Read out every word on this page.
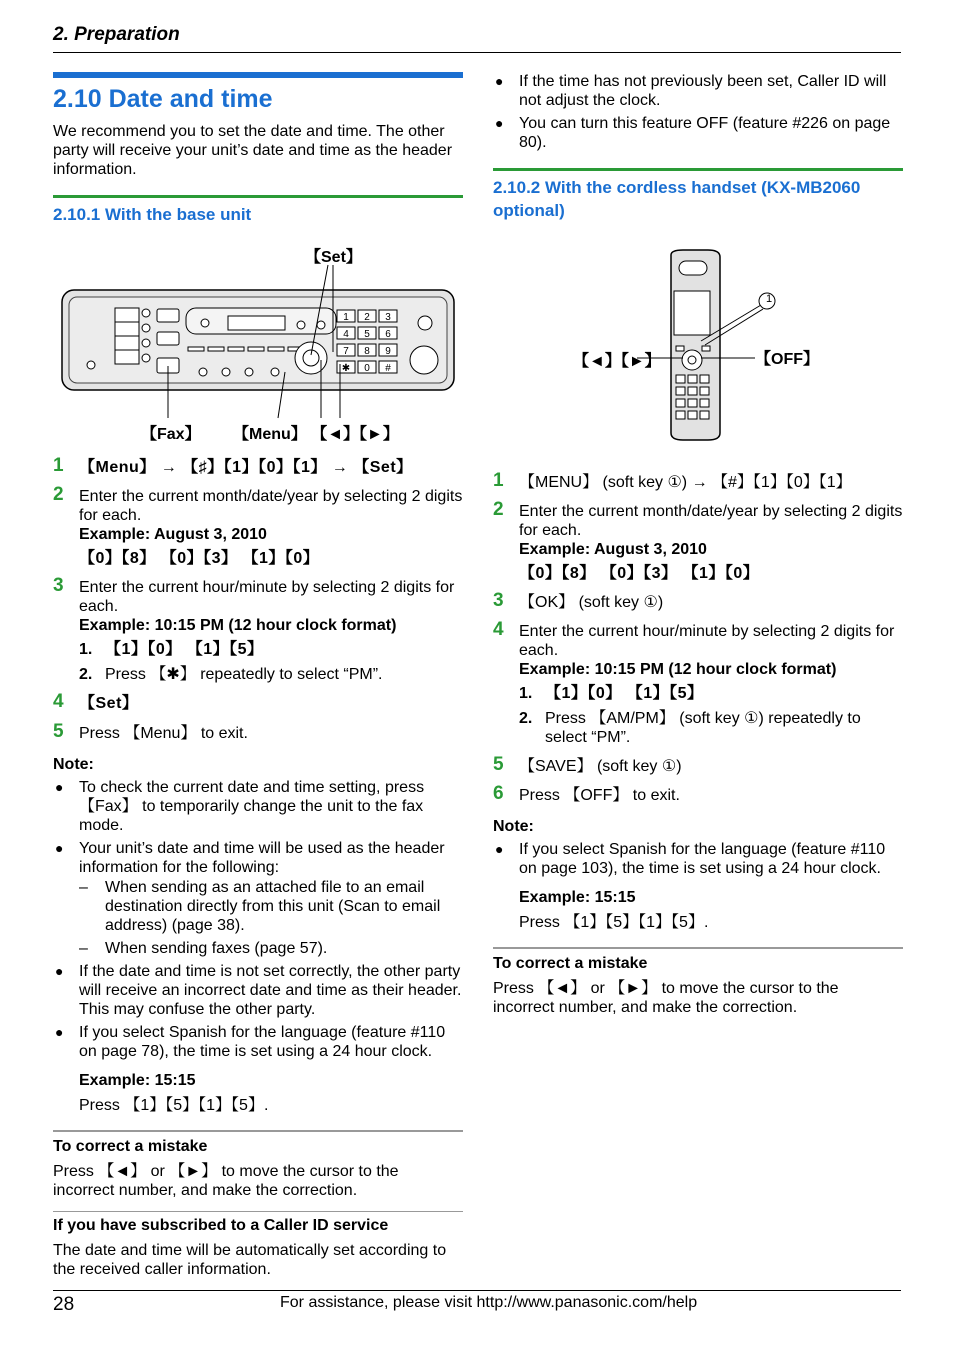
2. Preparation
2.10 Date and time

We recommend you to set the date and time. The other party will receive your unit’s date and time as the header information.

2.10.1 With the base unit
1 2 3
4 5 6
7 8 9
✱ 0 #
【Set】
【Fax】 【Menu】 【◄】【►】
1 【Menu】 → 【♯】【1】【0】【1】 → 【Set】
2 Enter the current month/date/year by selecting 2 digits for each.

Example: August 3, 2010

【0】【8】 【0】【3】 【1】【0】

3 Enter the current hour/minute by selecting 2 digits for each.

Example: 10:15 PM (12 hour clock format)

1. 【1】【0】 【1】【5】
2. Press 【✱】 repeatedly to select “PM”.
4 【Set】
5 Press 【Menu】 to exit.

Note:

● To check the current date and time setting, press 【Fax】 to temporarily change the unit to the fax mode.
● Your unit’s date and time will be used as the header information for the following:
– When sending as an attached file to an email destination directly from this unit (Scan to email address) (page 38).
– When sending faxes (page 57).
● If the date and time is not set correctly, the other party will receive an incorrect date and time as their header. This may confuse the other party.
● If you select Spanish for the language (feature #110 on page 78), the time is set using a 24 hour clock.

Example: 15:15

Press 【1】【5】【1】【5】.

To correct a mistake

Press 【◄】 or 【►】 to move the cursor to the incorrect number, and make the correction.

If you have subscribed to a Caller ID service

The date and time will be automatically set according to the received caller information.

● If the time has not previously been set, Caller ID will not adjust the clock.
● You can turn this feature OFF (feature #226 on page 80).
2.10.2 With the cordless handset (KX-MB2060 optional)
1
【◄】【►】	【OFF】
1 【MENU】 (soft key ①) → 【#】【1】【0】【1】
2 Enter the current month/date/year by selecting 2 digits for each.

Example: August 3, 2010

【0】【8】 【0】【3】 【1】【0】

3 【OK】 (soft key ①)
4 Enter the current hour/minute by selecting 2 digits for each.

Example: 10:15 PM (12 hour clock format)

1. 【1】【0】 【1】【5】
2. Press 【AM/PM】 (soft key ①) repeatedly to select “PM”.
5 【SAVE】 (soft key ①)
6 Press 【OFF】 to exit.

Note:

● If you select Spanish for the language (feature #110 on page 103), the time is set using a 24 hour clock.

Example: 15:15

Press 【1】【5】【1】【5】.

To correct a mistake

Press 【◄】 or 【►】 to move the cursor to the incorrect number, and make the correction.

28	For assistance, please visit http://www.panasonic.com/help
